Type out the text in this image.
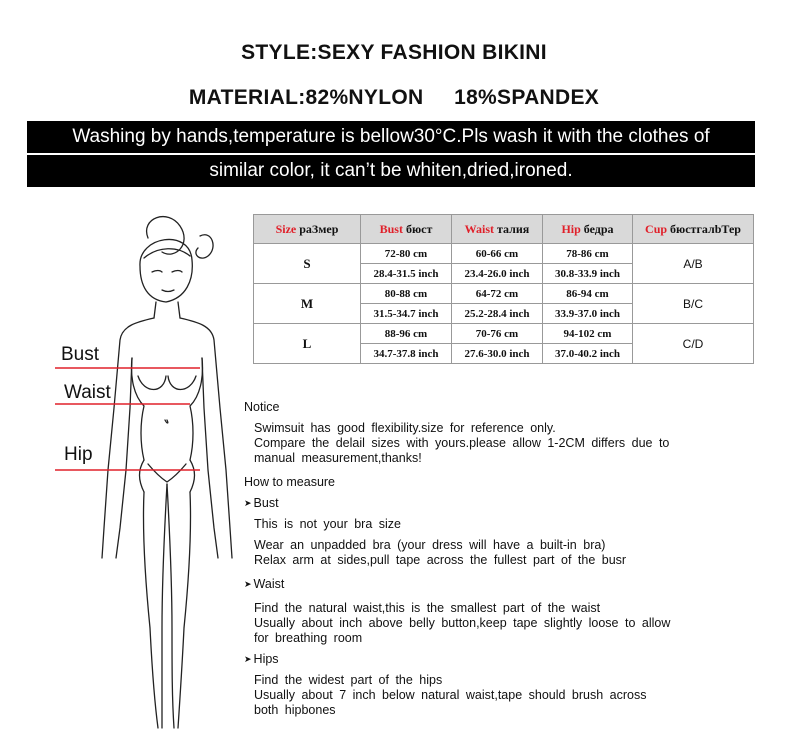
STYLE:SEXY FASHION BIKINI
MATERIAL:82%NYLON     18%SPANDEX
Washing by hands,temperature is bellow30°C.Pls wash it with the clothes of
similar color, it can’t be whiten,dried,ironed.
Bust
Waist
Hip
Size paЗмер	Bust бюст	Waist талия	Hip бедра	Cup бюстгалbТер
S	72-80 cm	60-66 cm	78-86 cm	A/B
	28.4-31.5 inch	23.4-26.0 inch	30.8-33.9 inch	
M	80-88 cm	64-72 cm	86-94 cm	B/C
	31.5-34.7 inch	25.2-28.4 inch	33.9-37.0 inch	
L	88-96 cm	70-76 cm	94-102 cm	C/D
	34.7-37.8 inch	27.6-30.0 inch	37.0-40.2 inch	
Notice
Swimsuit has good flexibility.size for reference only.
Compare the delail sizes with yours.please allow 1-2CM differs due to
manual measurement,thanks!
How to measure
➤ Bust
This is not your bra size
Wear an unpadded bra (your dress will have a built-in bra)
Relax arm at sides,pull tape across the fullest part of the busr
➤ Waist
Find the natural waist,this is the smallest part of the waist
Usually about inch above belly button,keep tape slightly loose to allow
for breathing room
➤ Hips
Find the widest part of the hips
Usually about 7 inch below natural waist,tape should brush across
both hipbones
